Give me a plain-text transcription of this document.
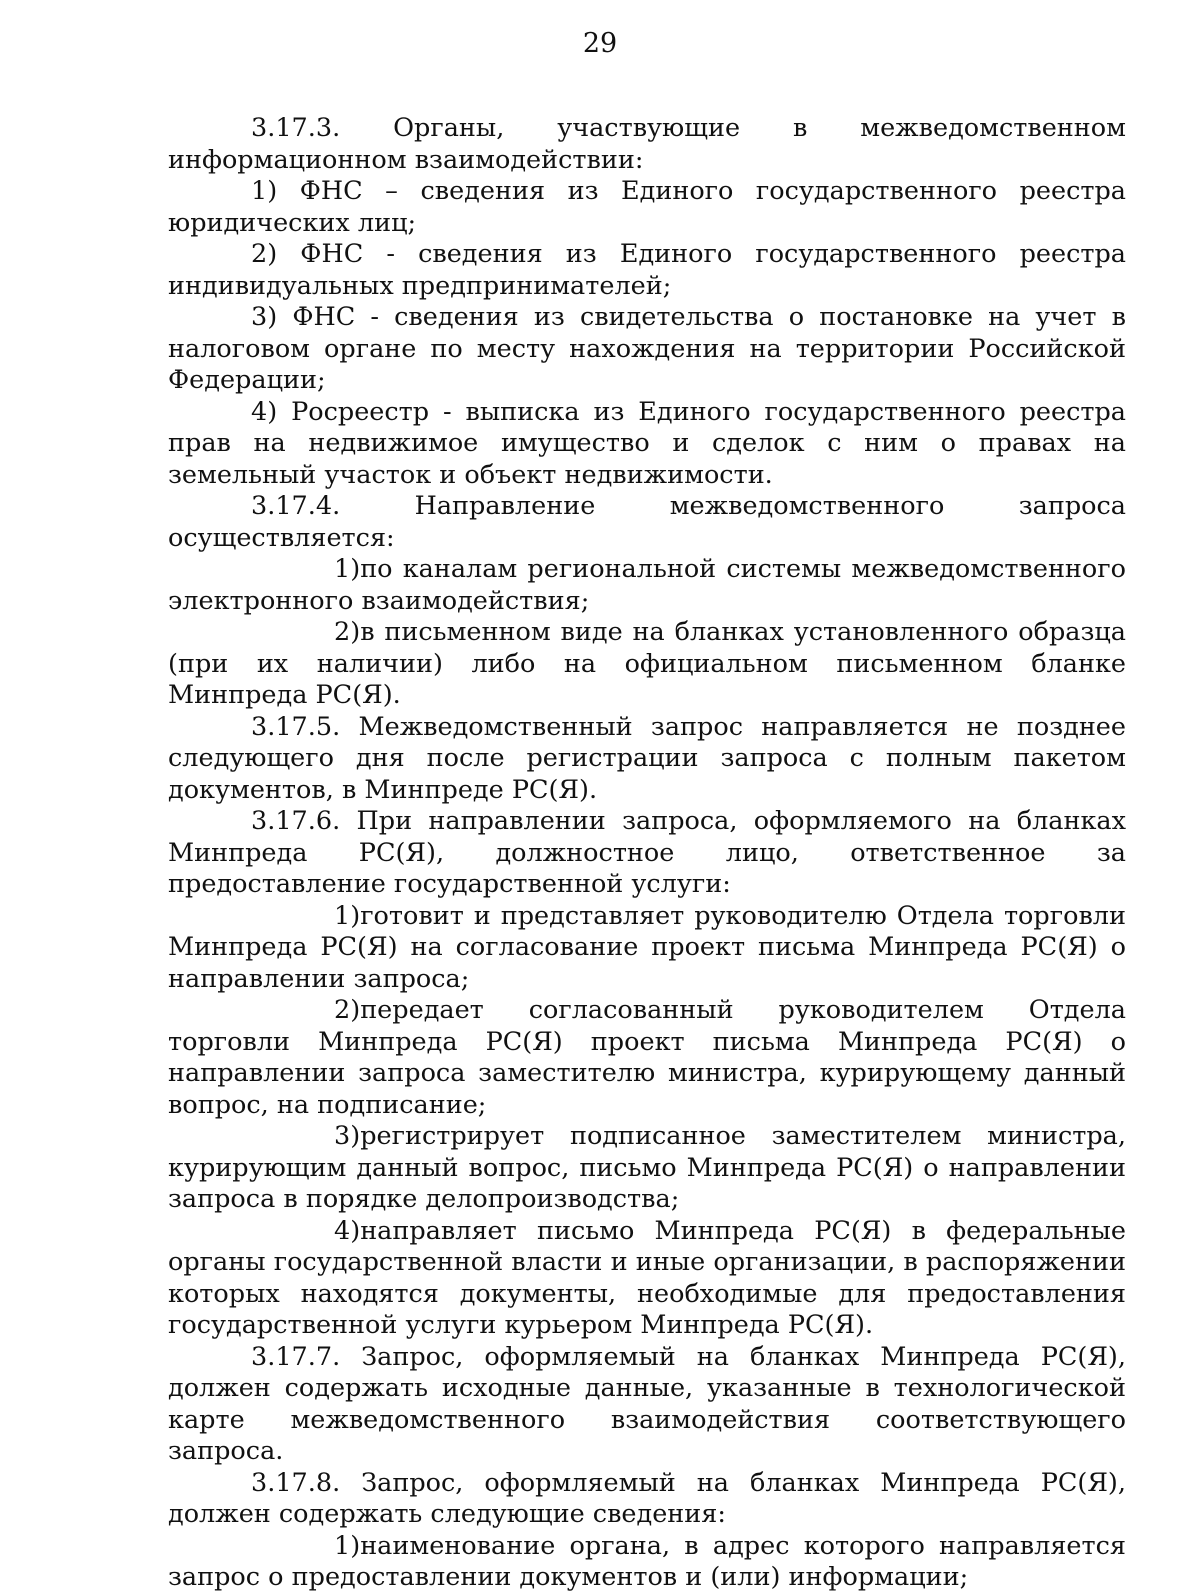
29

3.17.3. Органы, участвующие в межведомственном информационном взаимодействии:

1) ФНС – сведения из Единого государственного реестра юридических лиц;

2) ФНС - сведения из Единого государственного реестра индивидуальных предпринимателей;

3) ФНС - сведения из свидетельства о постановке на учет в налоговом органе по месту нахождения на территории Российской Федерации;

4) Росреестр - выписка из Единого государственного реестра прав на недвижимое имущество и сделок с ним о правах на земельный участок и объект недвижимости.

3.17.4. Направление межведомственного запроса осуществляется:

1)по каналам региональной системы межведомственного электронного взаимодействия;

2)в письменном виде на бланках установленного образца (при их наличии) либо на официальном письменном бланке Минпреда РС(Я).

3.17.5. Межведомственный запрос направляется не позднее следующего дня после регистрации запроса с полным пакетом документов, в Минпреде РС(Я).

3.17.6. При направлении запроса, оформляемого на бланках Минпреда РС(Я), должностное лицо, ответственное за предоставление государственной услуги:

1)готовит и представляет руководителю Отдела торговли Минпреда РС(Я) на согласование проект письма Минпреда РС(Я) о направлении запроса;

2)передает согласованный руководителем Отдела торговли Минпреда РС(Я) проект письма Минпреда РС(Я) о направлении запроса заместителю министра, курирующему данный вопрос, на подписание;

3)регистрирует подписанное заместителем министра, курирующим данный вопрос, письмо Минпреда РС(Я) о направлении запроса в порядке делопроизводства;

4)направляет письмо Минпреда РС(Я) в федеральные органы государственной власти и иные организации, в распоряжении которых находятся документы, необходимые для предоставления государственной услуги курьером Минпреда РС(Я).

3.17.7. Запрос, оформляемый на бланках Минпреда РС(Я), должен содержать исходные данные, указанные в технологической карте межведомственного взаимодействия соответствующего запроса.

3.17.8. Запрос, оформляемый на бланках Минпреда РС(Я), должен содержать следующие сведения:

1)наименование органа, в адрес которого направляется запрос о предоставлении документов и (или) информации;
